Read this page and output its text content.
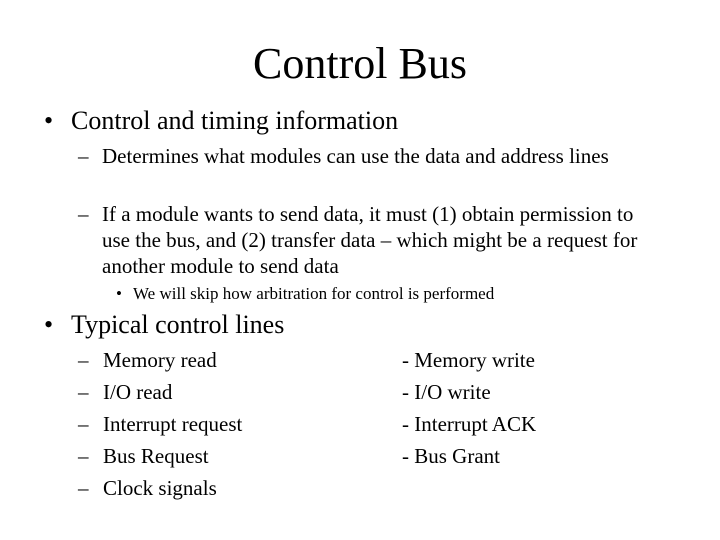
Control Bus
• Control and timing information
– Determines what modules can use the data and address lines
– If a module wants to send data, it must (1) obtain permission to use the bus, and (2) transfer data – which might be a request for another module to send data
• We will skip how arbitration for control is performed
• Typical control lines
– Memory read
– I/O read
– Interrupt request
– Bus Request
– Clock signals
- Memory write
- I/O write
- Interrupt ACK
- Bus Grant
